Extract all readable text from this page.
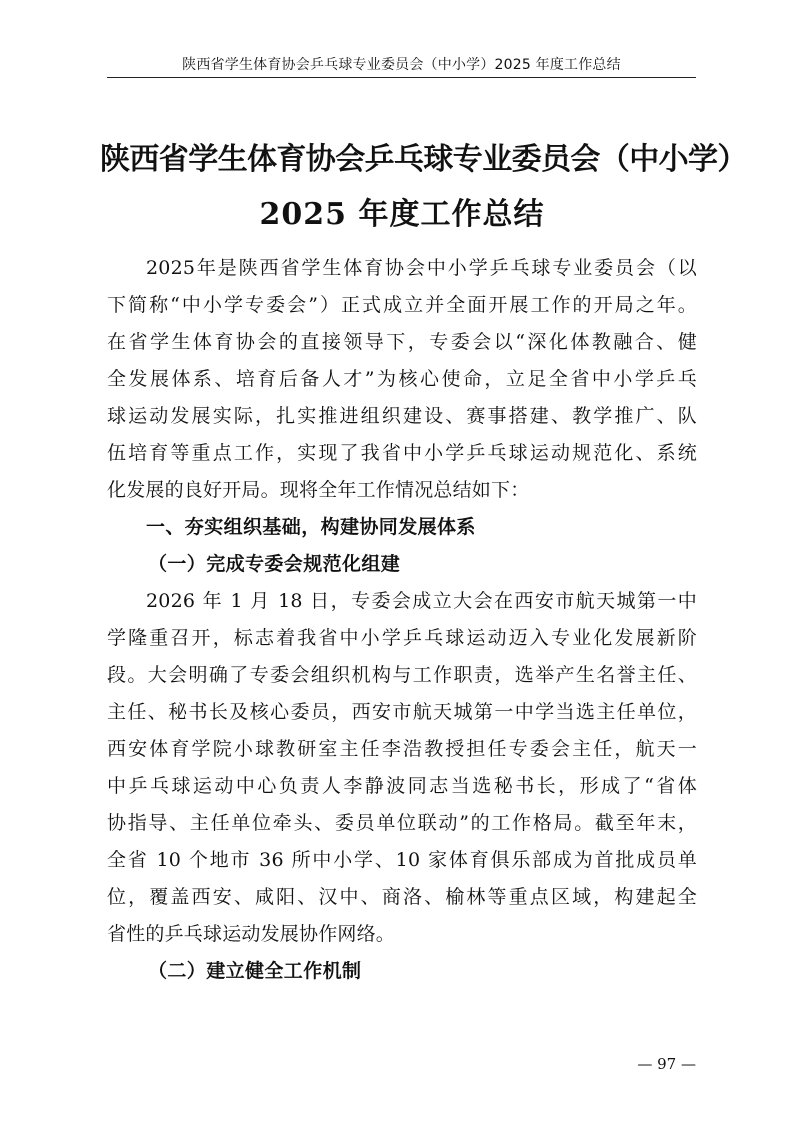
陕西省学生体育协会乒乓球专业委员会（中小学）2025 年度工作总结
陕西省学生体育协会乒乓球专业委员会（中小学）
2025 年度工作总结
2025年是陕西省学生体育协会中小学乒乓球专业委员会（以
下简称“中小学专委会”）正式成立并全面开展工作的开局之年。
在省学生体育协会的直接领导下，专委会以“深化体教融合、健
全发展体系、培育后备人才”为核心使命，立足全省中小学乒乓
球运动发展实际，扎实推进组织建设、赛事搭建、教学推广、队
伍培育等重点工作，实现了我省中小学乒乓球运动规范化、系统
化发展的良好开局。现将全年工作情况总结如下：
一、夯实组织基础，构建协同发展体系
（一）完成专委会规范化组建
2026 年 1 月 18 日，专委会成立大会在西安市航天城第一中
学隆重召开，标志着我省中小学乒乓球运动迈入专业化发展新阶
段。大会明确了专委会组织机构与工作职责，选举产生名誉主任、
主任、秘书长及核心委员，西安市航天城第一中学当选主任单位，
西安体育学院小球教研室主任李浩教授担任专委会主任，航天一
中乒乓球运动中心负责人李静波同志当选秘书长，形成了“省体
协指导、主任单位牵头、委员单位联动”的工作格局。截至年末，
全省 10 个地市 36 所中小学、10 家体育俱乐部成为首批成员单
位，覆盖西安、咸阳、汉中、商洛、榆林等重点区域，构建起全
省性的乒乓球运动发展协作网络。
（二）建立健全工作机制
— 97 —
